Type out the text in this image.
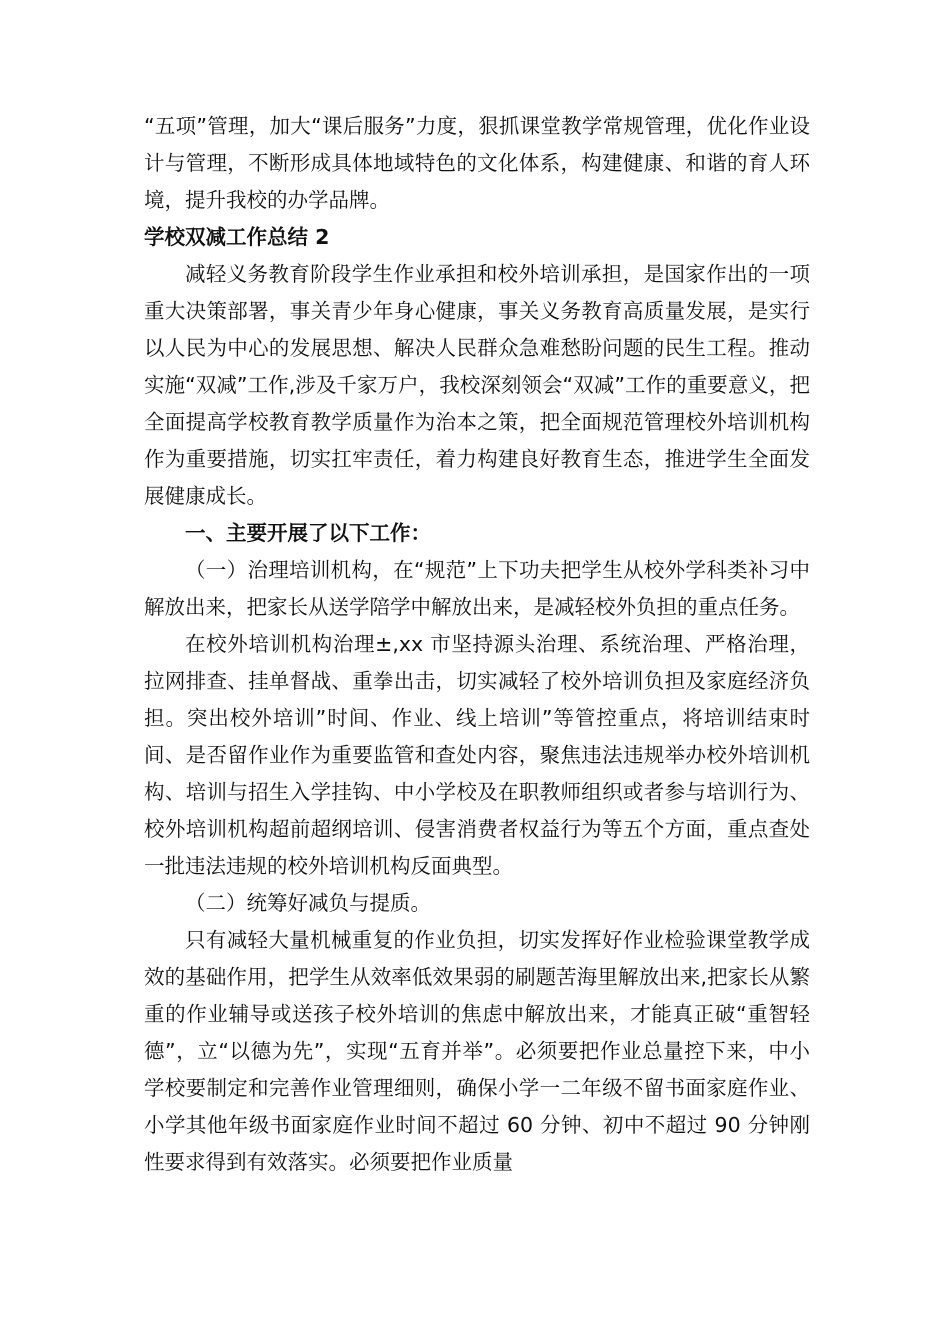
“五项”管理，加大“课后服务”力度，狠抓课堂教学常规管理，优化作业设计与管理，不断形成具体地域特色的文化体系，构建健康、和谐的育人环境，提升我校的办学品牌。

学校双减工作总结 2

减轻义务教育阶段学生作业承担和校外培训承担，是国家作出的一项重大决策部署，事关青少年身心健康，事关义务教育高质量发展，是实行以人民为中心的发展思想、解决人民群众急难愁盼问题的民生工程。推动实施“双减”工作,涉及千家万户，我校深刻领会“双减”工作的重要意义，把全面提高学校教育教学质量作为治本之策，把全面规范管理校外培训机构作为重要措施，切实扛牢责任，着力构建良好教育生态，推进学生全面发展健康成长。

一、主要开展了以下工作：

（一）治理培训机构，在“规范”上下功夫把学生从校外学科类补习中解放出来，把家长从送学陪学中解放出来，是减轻校外负担的重点任务。

在校外培训机构治理±,xx 市坚持源头治理、系统治理、严格治理，拉网排查、挂单督战、重拳出击，切实减轻了校外培训负担及家庭经济负担。突出校外培训”时间、作业、线上培训”等管控重点，将培训结束时间、是否留作业作为重要监管和查处内容，聚焦违法违规举办校外培训机构、培训与招生入学挂钩、中小学校及在职教师组织或者参与培训行为、校外培训机构超前超纲培训、侵害消费者权益行为等五个方面，重点查处一批违法违规的校外培训机构反面典型。

（二）统筹好减负与提质。

只有减轻大量机械重复的作业负担，切实发挥好作业检验课堂教学成效的基础作用，把学生从效率低效果弱的刷题苦海里解放出来,把家长从繁重的作业辅导或送孩子校外培训的焦虑中解放出来，才能真正破“重智轻德”，立“以德为先”，实现“五育并举”。必须要把作业总量控下来，中小学校要制定和完善作业管理细则，确保小学一二年级不留书面家庭作业、小学其他年级书面家庭作业时间不超过 60 分钟、初中不超过 90 分钟刚性要求得到有效落实。必须要把作业质量
